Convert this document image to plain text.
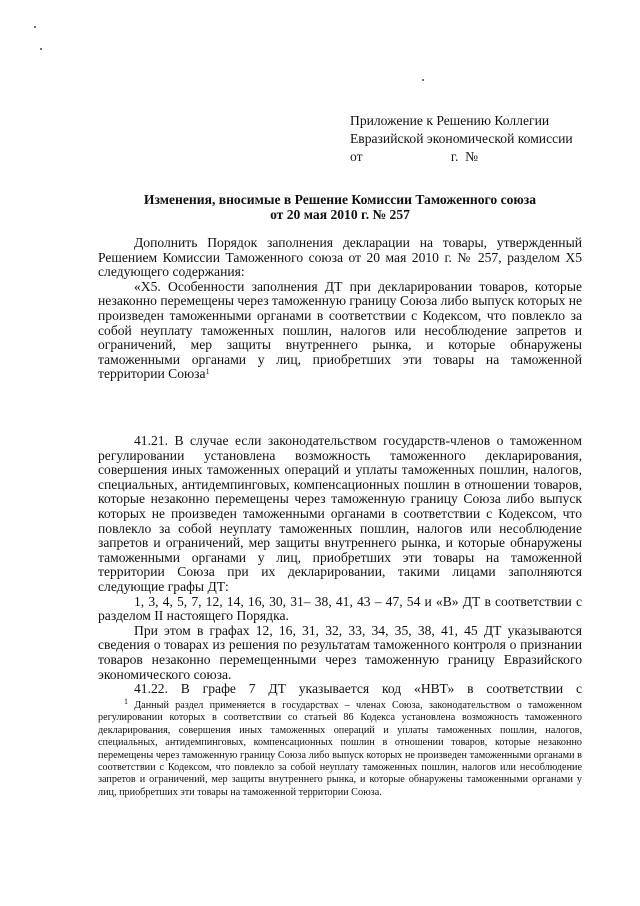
Приложение к Решению Коллегии
Евразийской экономической комиссии
от                          г.  №
Изменения, вносимые в Решение Комиссии Таможенного союза
от 20 мая 2010 г. № 257

Дополнить Порядок заполнения декларации на товары, утвержденный Решением Комиссии Таможенного союза от 20 мая 2010 г. № 257, разделом Х5 следующего содержания:

«Х5. Особенности заполнения ДТ при декларировании товаров, которые незаконно перемещены через таможенную границу Союза либо выпуск которых не произведен таможенными органами в соответствии с Кодексом, что повлекло за собой неуплату таможенных пошлин, налогов или несоблюдение запретов и ограничений, мер защиты внутреннего рынка, и которые обнаружены таможенными органами у лиц, приобретших эти товары на таможенной территории Союза$^1$

41.21. В случае если законодательством государств-членов о таможенном регулировании установлена возможность таможенного декларирования, совершения иных таможенных операций и уплаты таможенных пошлин, налогов, специальных, антидемпинговых, компенсационных пошлин в отношении товаров, которые незаконно перемещены через таможенную границу Союза либо выпуск которых не произведен таможенными органами в соответствии с Кодексом, что повлекло за собой неуплату таможенных пошлин, налогов или несоблюдение запретов и ограничений, мер защиты внутреннего рынка, и которые обнаружены таможенными органами у лиц, приобретших эти товары на таможенной территории Союза при их декларировании, такими лицами заполняются следующие графы ДТ:

1, 3, 4, 5, 7, 12, 14, 16, 30, 31– 38, 41, 43 – 47, 54 и «В» ДТ в соответствии с разделом II настоящего Порядка.

При этом в графах 12, 16, 31, 32, 33, 34, 35, 38, 41, 45 ДТ указываются сведения о товарах из решения по результатам таможенного контроля о признании товаров незаконно перемещенными через таможенную границу Евразийского экономического союза.

41.22. В графе 7 ДТ указывается код «НВТ» в соответствии с

$^1$ Данный раздел применяется в государствах – членах Союза, законодательством о таможенном регулировании которых в соответствии со статьей 86 Кодекса установлена возможность таможенного декларирования, совершения иных таможенных операций и уплаты таможенных пошлин, налогов, специальных, антидемпинговых, компенсационных пошлин в отношении товаров, которые незаконно перемещены через таможенную границу Союза либо выпуск которых не произведен таможенными органами в соответствии с Кодексом, что повлекло за собой неуплату таможенных пошлин, налогов или несоблюдение запретов и ограничений, мер защиты внутреннего рынка, и которые обнаружены таможенными органами у лиц, приобретших эти товары на таможенной территории Союза.
